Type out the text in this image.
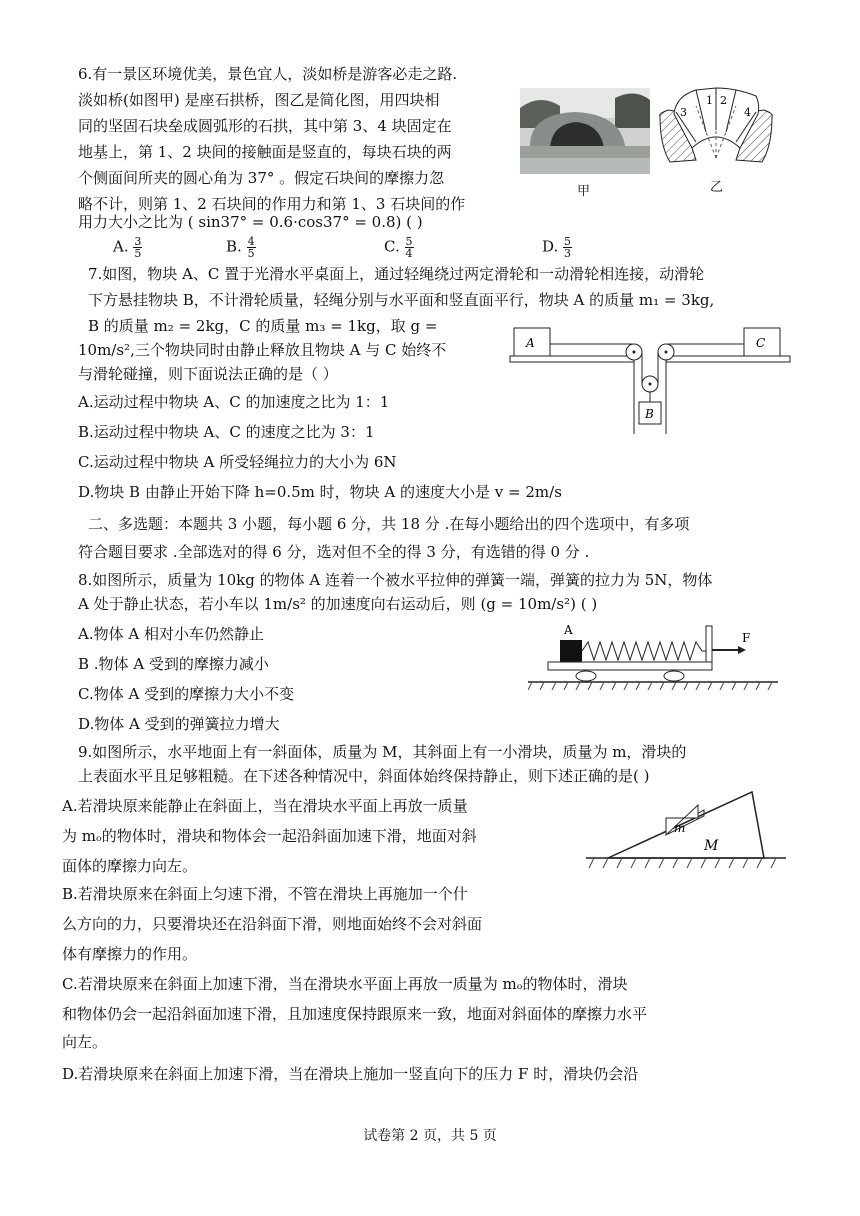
6.有一景区环境优美，景色宜人，淡如桥是游客必走之路.
淡如桥(如图甲) 是座石拱桥，图乙是简化图，用四块相
同的坚固石块垒成圆弧形的石拱，其中第 3、4 块固定在
地基上，第 1、2 块间的接触面是竖直的，每块石块的两
个侧面间所夹的圆心角为 37° 。假定石块间的摩擦力忽
略不计，则第 1、2 石块间的作用力和第 1、3 石块间的作
用力大小之比为 ( sin37° = 0.6·cos37° = 0.8) ( )
A. $\frac{3}{5}$	B. $\frac{4}{5}$	C. $\frac{5}{4}$	D. $\frac{5}{3}$
甲
3
1 2
4
乙
7.如图，物块 A、C 置于光滑水平桌面上，通过轻绳绕过两定滑轮和一动滑轮相连接，动滑轮
下方悬挂物块 B，不计滑轮质量，轻绳分别与水平面和竖直面平行，物块 A 的质量 m₁ = 3kg,
B 的质量 m₂ = 2kg，C 的质量 m₃ = 1kg，取 g =
10m/s²,三个物块同时由静止释放且物块 A 与 C 始终不
与滑轮碰撞，则下面说法正确的是（ ）
A.运动过程中物块 A、C 的加速度之比为 1：1
B.运动过程中物块 A、C 的速度之比为 3：1
C.运动过程中物块 A 所受轻绳拉力的大小为 6N
D.物块 B 由静止开始下降 h=0.5m 时，物块 A 的速度大小是 v = 2m/s
A	C
B
二、多选题：本题共 3 小题，每小题 6 分，共 18 分 .在每小题给出的四个选项中，有多项
符合题目要求 .全部选对的得 6 分，选对但不全的得 3 分，有选错的得 0 分 .
8.如图所示，质量为 10kg 的物体 A 连着一个被水平拉伸的弹簧一端，弹簧的拉力为 5N，物体
A 处于静止状态，若小车以 1m/s² 的加速度向右运动后，则 (g = 10m/s²) ( )
A.物体 A 相对小车仍然静止
B .物体 A 受到的摩擦力减小
C.物体 A 受到的摩擦力大小不变
D.物体 A 受到的弹簧拉力增大
A
F
9.如图所示，水平地面上有一斜面体，质量为 M，其斜面上有一小滑块，质量为 m，滑块的
上表面水平且足够粗糙。在下述各种情况中，斜面体始终保持静止，则下述正确的是( )
A.若滑块原来能静止在斜面上，当在滑块水平面上再放一质量
为 mₒ的物体时，滑块和物体会一起沿斜面加速下滑，地面对斜
面体的摩擦力向左。
B.若滑块原来在斜面上匀速下滑，不管在滑块上再施加一个什
么方向的力，只要滑块还在沿斜面下滑，则地面始终不会对斜面
体有摩擦力的作用。
C.若滑块原来在斜面上加速下滑，当在滑块水平面上再放一质量为 mₒ的物体时，滑块
和物体仍会一起沿斜面加速下滑，且加速度保持跟原来一致，地面对斜面体的摩擦力水平
向左。
D.若滑块原来在斜面上加速下滑，当在滑块上施加一竖直向下的压力 F 时，滑块仍会沿
m
M
试卷第 2 页，共 5 页
